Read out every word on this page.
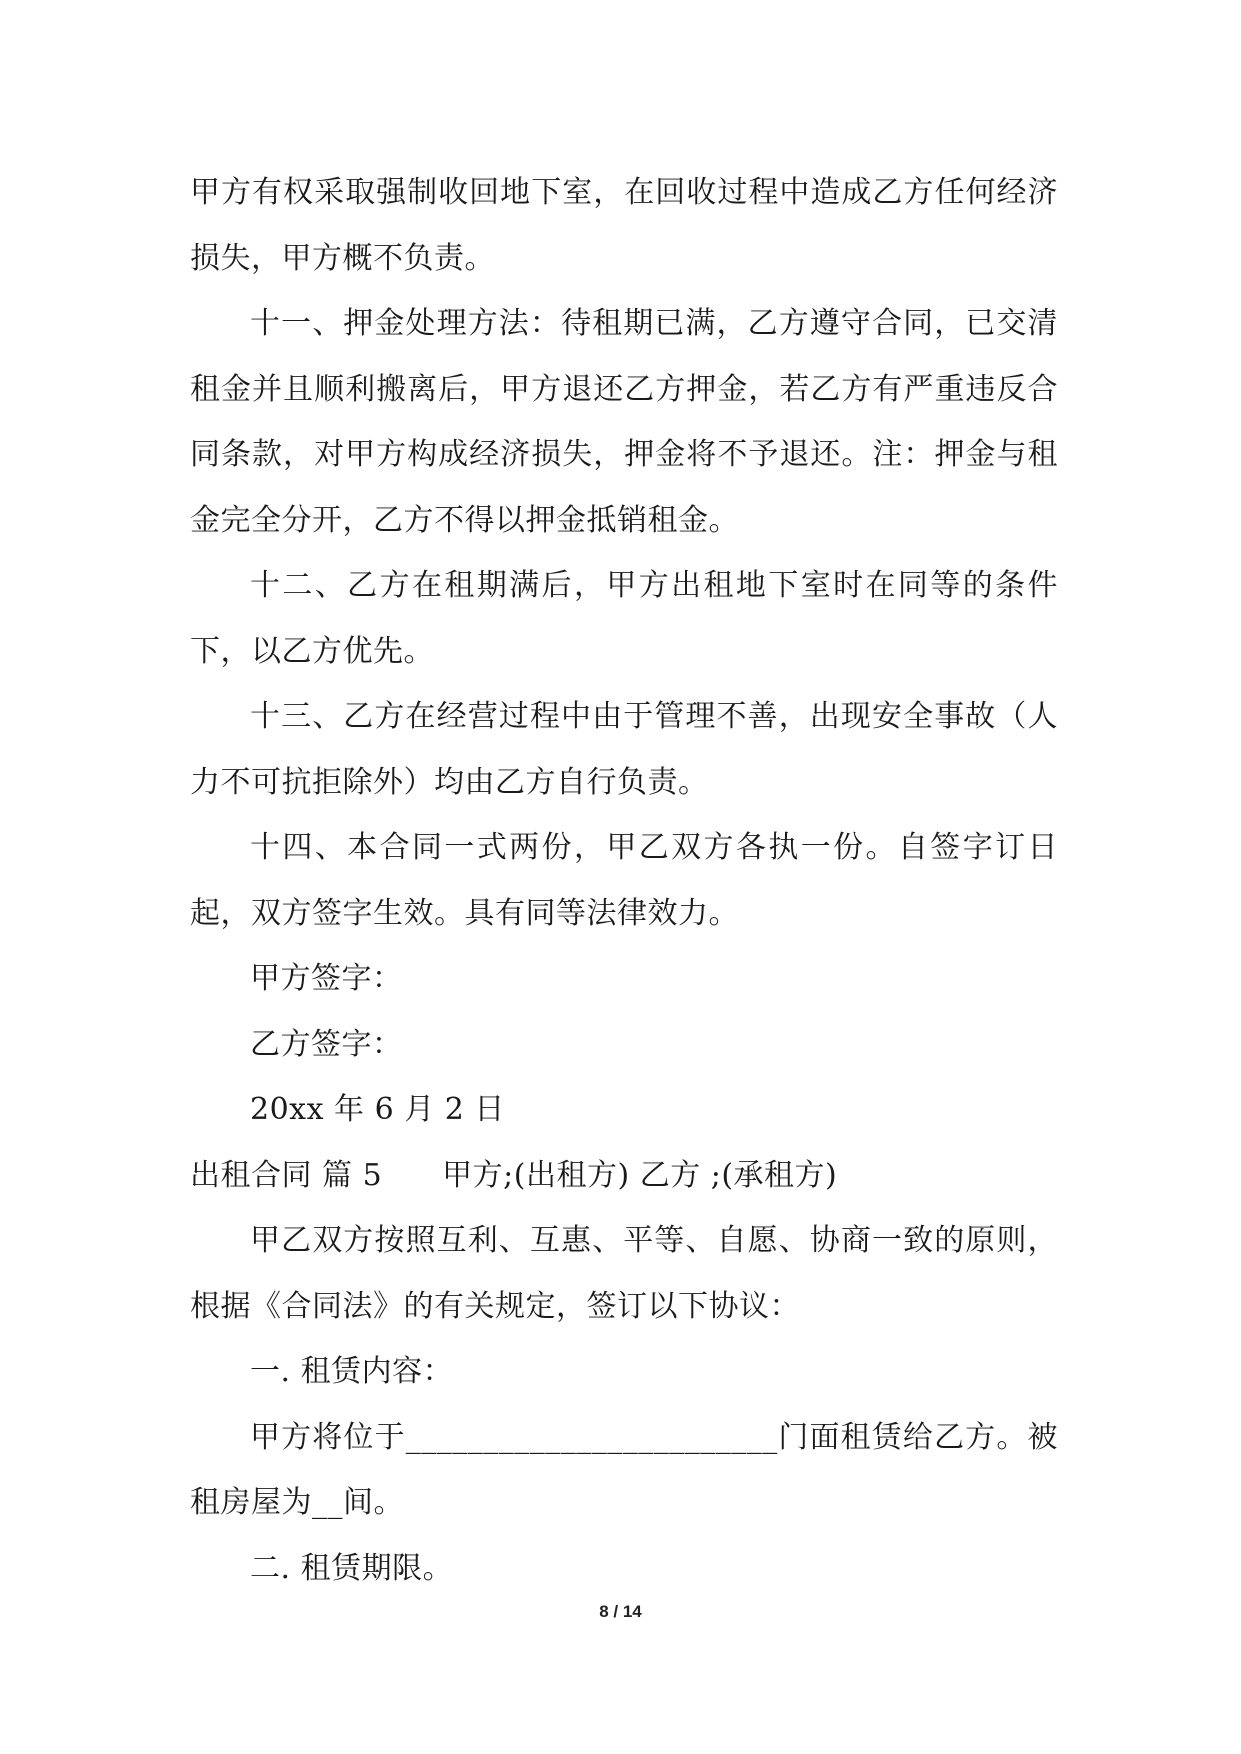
甲方有权采取强制收回地下室，在回收过程中造成乙方任何经济损失，甲方概不负责。

十一、押金处理方法：待租期已满，乙方遵守合同，已交清租金并且顺利搬离后，甲方退还乙方押金，若乙方有严重违反合同条款，对甲方构成经济损失，押金将不予退还。注：押金与租金完全分开，乙方不得以押金抵销租金。

十二、乙方在租期满后，甲方出租地下室时在同等的条件下，以乙方优先。

十三、乙方在经营过程中由于管理不善，出现安全事故（人力不可抗拒除外）均由乙方自行负责。

十四、本合同一式两份，甲乙双方各执一份。自签字订日起，双方签字生效。具有同等法律效力。

甲方签字：

乙方签字：

20xx 年 6 月 2 日

出租合同 篇 5 甲方;(出租方) 乙方 ;(承租方)

甲乙双方按照互利、互惠、平等、自愿、协商一致的原则，根据《合同法》的有关规定，签订以下协议：

一. 租赁内容：

甲方将位于________________________门面租赁给乙方。被租房屋为__间。

二. 租赁期限。

8 / 14
